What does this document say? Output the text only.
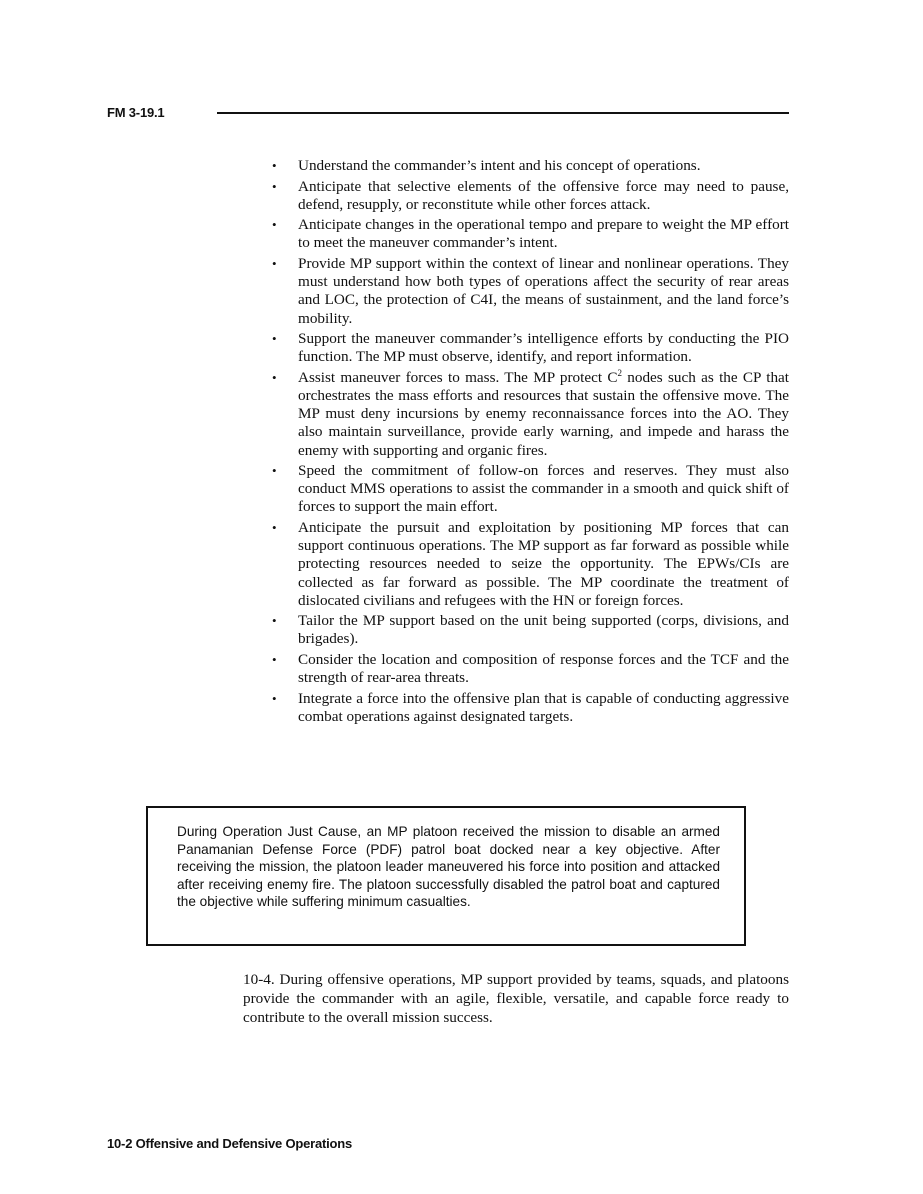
FM 3-19.1
• Understand the commander’s intent and his concept of operations.
• Anticipate that selective elements of the offensive force may need to pause, defend, resupply, or reconstitute while other forces attack.
• Anticipate changes in the operational tempo and prepare to weight the MP effort to meet the maneuver commander’s intent.
• Provide MP support within the context of linear and nonlinear operations. They must understand how both types of operations affect the security of rear areas and LOC, the protection of C4I, the means of sustainment, and the land force’s mobility.
• Support the maneuver commander’s intelligence efforts by conducting the PIO function. The MP must observe, identify, and report information.
• Assist maneuver forces to mass. The MP protect $C^2$ nodes such as the CP that orchestrates the mass efforts and resources that sustain the offensive move. The MP must deny incursions by enemy reconnaissance forces into the AO. They also maintain surveillance, provide early warning, and impede and harass the enemy with supporting and organic fires.
• Speed the commitment of follow-on forces and reserves. They must also conduct MMS operations to assist the commander in a smooth and quick shift of forces to support the main effort.
• Anticipate the pursuit and exploitation by positioning MP forces that can support continuous operations. The MP support as far forward as possible while protecting resources needed to seize the opportunity. The EPWs/CIs are collected as far forward as possible. The MP coordinate the treatment of dislocated civilians and refugees with the HN or foreign forces.
• Tailor the MP support based on the unit being supported (corps, divisions, and brigades).
• Consider the location and composition of response forces and the TCF and the strength of rear-area threats.
• Integrate a force into the offensive plan that is capable of conducting aggressive combat operations against designated targets.

During Operation Just Cause, an MP platoon received the mission to disable an armed Panamanian Defense Force (PDF) patrol boat docked near a key objective. After receiving the mission, the platoon leader maneuvered his force into position and attacked after receiving enemy fire. The platoon successfully disabled the patrol boat and captured the objective while suffering minimum casualties.

10-4. During offensive operations, MP support provided by teams, squads, and platoons provide the commander with an agile, flexible, versatile, and capable force ready to contribute to the overall mission success.

10-2 Offensive and Defensive Operations
